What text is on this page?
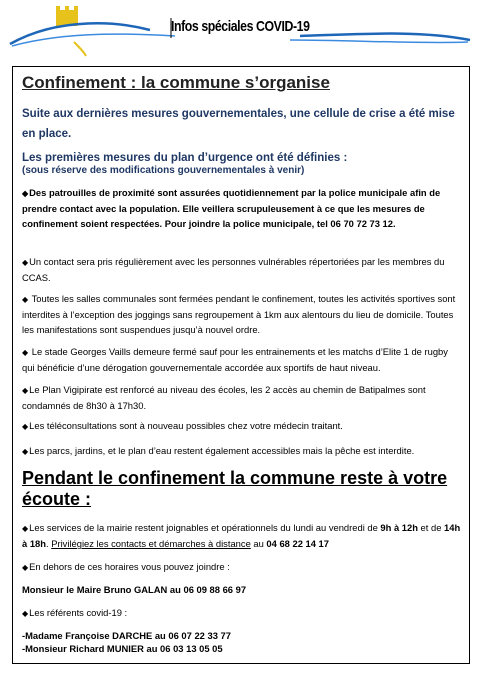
Infos spéciales COVID-19
Confinement : la commune s’organise
Suite aux dernières mesures gouvernementales, une cellule de crise a été mise en place.
Les premières mesures du plan d’urgence ont été définies :
(sous réserve des modifications gouvernementales à venir)
◆Des patrouilles de proximité sont assurées quotidiennement par la police municipale afin de prendre contact avec la population. Elle veillera scrupuleusement à ce que les mesures de confinement soient respectées. Pour joindre la police municipale, tel 06 70 72 73 12.
◆Un contact sera pris régulièrement avec les personnes vulnérables répertoriées par les membres du CCAS.
◆ Toutes les salles communales sont fermées pendant le confinement, toutes les activités sportives sont interdites à l’exception des joggings sans regroupement à 1km aux alentours du lieu de domicile. Toutes les manifestations sont suspendues jusqu’à nouvel ordre.
◆ Le stade Georges Vaills demeure fermé sauf pour les entrainements et les matchs d’Elite 1 de rugby qui bénéficie d’une dérogation gouvernementale accordée aux sportifs de haut niveau.
◆Le Plan Vigipirate est renforcé au niveau des écoles, les 2 accès au chemin de Batipalmes sont condamnés de 8h30 à 17h30.
◆Les téléconsultations sont à nouveau possibles chez votre médecin traitant.
◆Les parcs, jardins, et le plan d’eau restent également accessibles mais la pêche est interdite.
Pendant le confinement la commune reste à votre écoute :
◆Les services de la mairie restent joignables et opérationnels du lundi au vendredi de 9h à 12h et de 14h à 18h. Privilégiez les contacts et démarches à distance au 04 68 22 14 17
◆En dehors de ces horaires vous pouvez joindre :
Monsieur le Maire Bruno GALAN au 06 09 88 66 97
◆Les référents covid-19 :
-Madame Françoise DARCHE au 06 07 22 33 77
-Monsieur Richard MUNIER au 06 03 13 05 05
